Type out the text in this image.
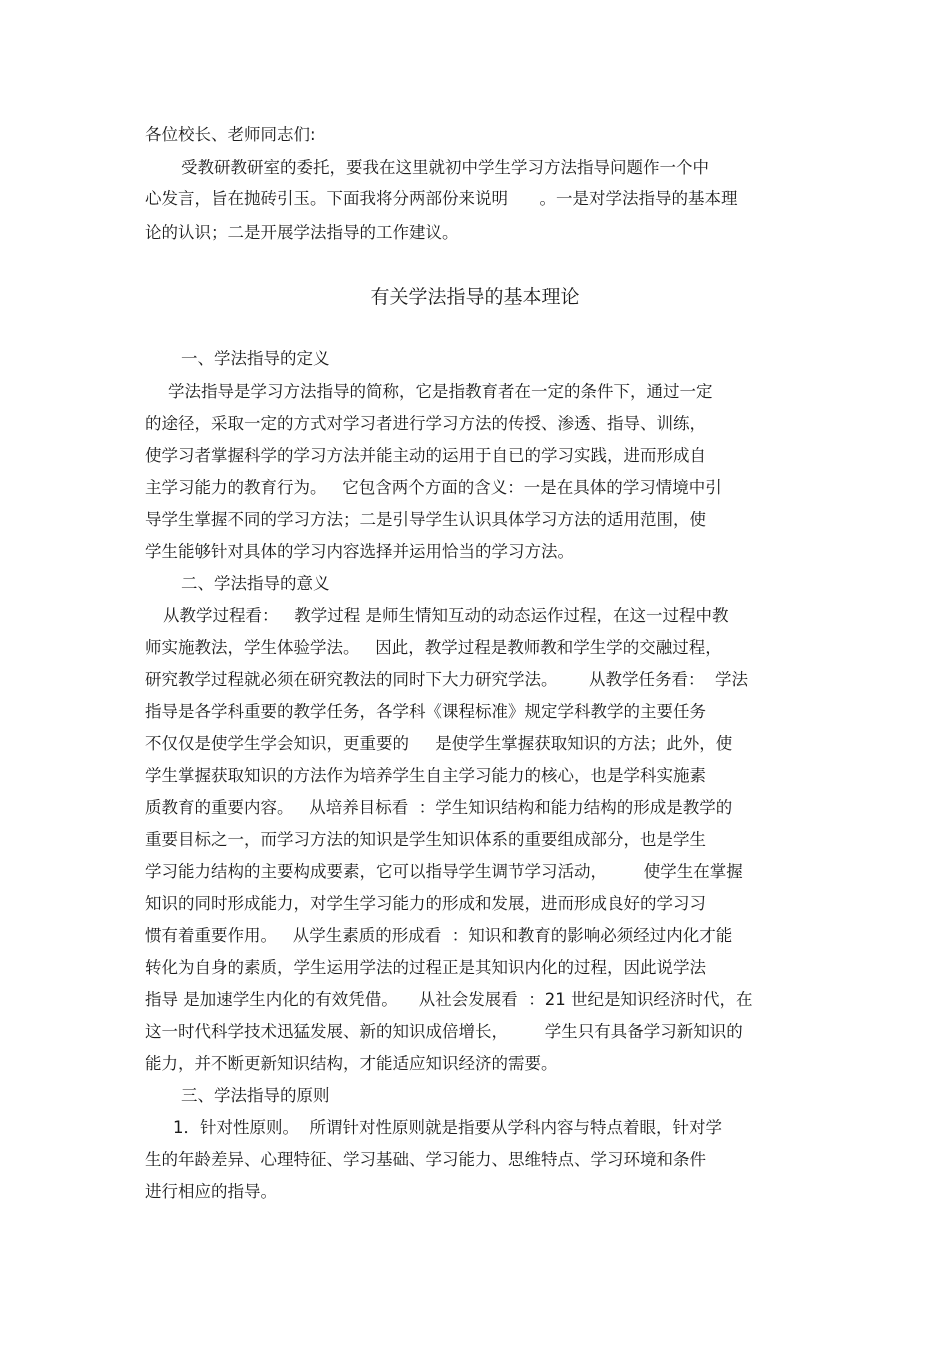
各位校长、老师同志们:
受教研教研室的委托，要我在这里就初中学生学习方法指导问题作一个中
心发言，旨在抛砖引玉。下面我将分两部份来说明      。一是对学法指导的基本理
论的认识；二是开展学法指导的工作建议。
有关学法指导的基本理论
一、学法指导的定义
学法指导是学习方法指导的简称，它是指教育者在一定的条件下，通过一定
的途径，采取一定的方式对学习者进行学习方法的传授、渗透、指导、训练，
使学习者掌握科学的学习方法并能主动的运用于自已的学习实践，进而形成自
主学习能力的教育行为。   它包含两个方面的含义：一是在具体的学习情境中引
导学生掌握不同的学习方法；二是引导学生认识具体学习方法的适用范围，使
学生能够针对具体的学习内容选择并运用恰当的学习方法。
二、学法指导的意义
从教学过程看：   教学过程 是师生情知互动的动态运作过程，在这一过程中教
师实施教法，学生体验学法。   因此，教学过程是教师教和学生学的交融过程，
研究教学过程就必须在研究教法的同时下大力研究学法。      从教学任务看：  学法
指导是各学科重要的教学任务，各学科《课程标准》规定学科教学的主要任务
不仅仅是使学生学会知识，更重要的     是使学生掌握获取知识的方法；此外，使
学生掌握获取知识的方法作为培养学生自主学习能力的核心，也是学科实施素
质教育的重要内容。   从培养目标看  ：学生知识结构和能力结构的形成是教学的
重要目标之一，而学习方法的知识是学生知识体系的重要组成部分，也是学生
学习能力结构的主要构成要素，它可以指导学生调节学习活动，       使学生在掌握
知识的同时形成能力，对学生学习能力的形成和发展，进而形成良好的学习习
惯有着重要作用。   从学生素质的形成看  ：知识和教育的影响必须经过内化才能
转化为自身的素质，学生运用学法的过程正是其知识内化的过程，因此说学法
指导 是加速学生内化的有效凭借。    从社会发展看  ：21 世纪是知识经济时代，在
这一时代科学技术迅猛发展、新的知识成倍增长，       学生只有具备学习新知识的
能力，并不断更新知识结构，才能适应知识经济的需要。
三、学法指导的原则
1．针对性原则。  所谓针对性原则就是指要从学科内容与特点着眼，针对学
生的年龄差异、心理特征、学习基础、学习能力、思维特点、学习环境和条件
进行相应的指导。
